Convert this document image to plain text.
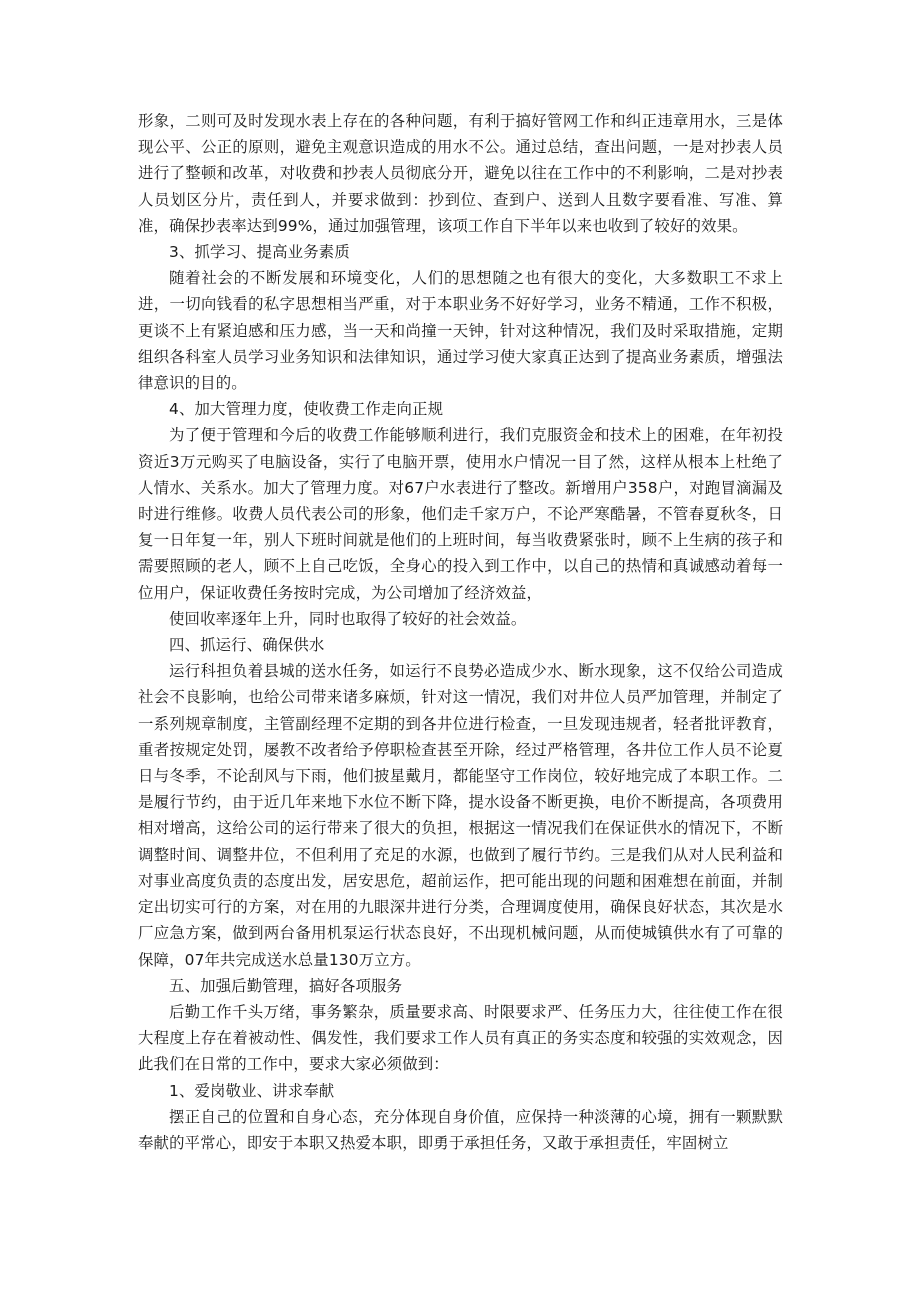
形象，二则可及时发现水表上存在的各种问题，有利于搞好管网工作和纠正违章用水，三是体现公平、公正的原则，避免主观意识造成的用水不公。通过总结，查出问题，一是对抄表人员进行了整顿和改革，对收费和抄表人员彻底分开，避免以往在工作中的不利影响，二是对抄表人员划区分片，责任到人，并要求做到：抄到位、查到户、送到人且数字要看准、写准、算准，确保抄表率达到99%，通过加强管理，该项工作自下半年以来也收到了较好的效果。

3、抓学习、提高业务素质

随着社会的不断发展和环境变化，人们的思想随之也有很大的变化，大多数职工不求上进，一切向钱看的私字思想相当严重，对于本职业务不好好学习，业务不精通，工作不积极，更谈不上有紧迫感和压力感，当一天和尚撞一天钟，针对这种情况，我们及时采取措施，定期组织各科室人员学习业务知识和法律知识，通过学习使大家真正达到了提高业务素质，增强法律意识的目的。

4、加大管理力度，使收费工作走向正规

为了便于管理和今后的收费工作能够顺利进行，我们克服资金和技术上的困难，在年初投资近3万元购买了电脑设备，实行了电脑开票，使用水户情况一目了然，这样从根本上杜绝了人情水、关系水。加大了管理力度。对67户水表进行了整改。新增用户358户，对跑冒滴漏及时进行维修。收费人员代表公司的形象，他们走千家万户，不论严寒酷暑，不管春夏秋冬，日复一日年复一年，别人下班时间就是他们的上班时间，每当收费紧张时，顾不上生病的孩子和需要照顾的老人，顾不上自己吃饭，全身心的投入到工作中，以自己的热情和真诚感动着每一位用户，保证收费任务按时完成，为公司增加了经济效益，

使回收率逐年上升，同时也取得了较好的社会效益。

四、抓运行、确保供水

运行科担负着县城的送水任务，如运行不良势必造成少水、断水现象，这不仅给公司造成社会不良影响，也给公司带来诸多麻烦，针对这一情况，我们对井位人员严加管理，并制定了一系列规章制度，主管副经理不定期的到各井位进行检查，一旦发现违规者，轻者批评教育，重者按规定处罚，屡教不改者给予停职检查甚至开除，经过严格管理，各井位工作人员不论夏日与冬季，不论刮风与下雨，他们披星戴月，都能坚守工作岗位，较好地完成了本职工作。二是履行节约，由于近几年来地下水位不断下降，提水设备不断更换，电价不断提高，各项费用相对增高，这给公司的运行带来了很大的负担，根据这一情况我们在保证供水的情况下，不断调整时间、调整井位，不但利用了充足的水源，也做到了履行节约。三是我们从对人民利益和对事业高度负责的态度出发，居安思危，超前运作，把可能出现的问题和困难想在前面，并制定出切实可行的方案，对在用的九眼深井进行分类，合理调度使用，确保良好状态，其次是水厂应急方案，做到两台备用机泵运行状态良好，不出现机械问题，从而使城镇供水有了可靠的保障，07年共完成送水总量130万立方。

五、加强后勤管理，搞好各项服务

后勤工作千头万绪，事务繁杂，质量要求高、时限要求严、任务压力大，往往使工作在很大程度上存在着被动性、偶发性，我们要求工作人员有真正的务实态度和较强的实效观念，因此我们在日常的工作中，要求大家必须做到：

1、爱岗敬业、讲求奉献

摆正自己的位置和自身心态，充分体现自身价值，应保持一种淡薄的心境，拥有一颗默默奉献的平常心，即安于本职又热爱本职，即勇于承担任务，又敢于承担责任，牢固树立
